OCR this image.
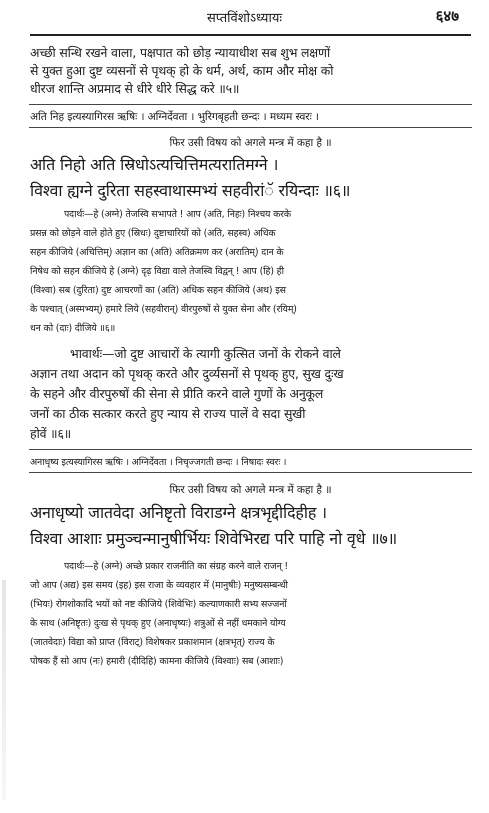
सप्तविंशोऽध्यायः	६४७
अच्छी सन्धि रखने वाला, पक्षपात को छोड़ न्यायाधीश सब शुभ लक्षणों
से युक्त हुआ दुष्ट व्यसनों से पृथक् हो के धर्म, अर्थ, काम और मोक्ष को
धीरज शान्ति अप्रमाद से धीरे धीरे सिद्ध करे ॥५॥
अति निह इत्यस्यागिरस ऋषिः । अग्निर्देवता । भुरिगबृहती छन्दः । मध्यम स्वरः ।
फिर उसी विषय को अगले मन्त्र में कहा है ॥
अति निहो अति स्रिधोऽत्यचित्तिमत्यरातिमग्ने ।
विश्वा ह्यग्ने दुरिता सहस्वाथास्मभ्यं सहवीरांॅ रयिन्दाः ॥६॥
पदार्थः—हे (अग्ने) तेजस्वि सभापते ! आप (अति, निहः) निश्चय करके
प्रसन्न को छोड़ने वाले होते हुए (स्रिधः) दुष्टाचारियों को (अति, सहस्व) अधिक
सहन कीजिये (अचित्तिम्) अज्ञान का (अति) अतिक्रमण कर (अरातिम्) दान के
निषेध को सहन कीजिये हे (अग्ने) दृढ़ विद्या वाले तेजस्वि विद्वन् ! आप (हि) ही
(विश्वा) सब (दुरिता) दुष्ट आचरणों का (अति) अधिक सहन कीजिये (अथ) इस
के पश्चात् (अस्मभ्यम्) हमारे लिये (सहवीरान्) वीरपुरुषों से युक्त सेना और (रयिम्)
धन को (दाः) दीजिये ॥६॥
भावार्थः—जो दुष्ट आचारों के त्यागी कुत्सित जनों के रोकने वाले
अज्ञान तथा अदान को पृथक् करते और दुर्व्यसनों से पृथक् हुए, सुख दुःख
के सहने और वीरपुरुषों की सेना से प्रीति करने वाले गुणों के अनुकूल
जनों का ठीक सत्कार करते हुए न्याय से राज्य पालें वे सदा सुखी
होवें ॥६॥
अनाधृष्य इत्यस्यागिरस ऋषिः । अग्निर्देवता । निचृज्जगती छन्दः । निषादः स्वरः ।
फिर उसी विषय को अगले मन्त्र में कहा है ॥
अनाधृष्यो जातवेदा अनिष्टृतो विराडग्ने क्षत्रभृद्दीदिहीह ।
विश्वा आशाः प्रमुञ्चन्मानुषीर्भियः शिवेभिरद्य परि पाहि नो वृधे ॥७॥
पदार्थः—हे (अग्ने) अच्छे प्रकार राजनीति का संग्रह करने वाले राजन् !
जो आप (अद्य) इस समय (इह) इस राजा के व्यवहार में (मानुषीः) मनुष्यसम्बन्धी
(भियः) रोगशोकादि भयों को नष्ट कीजिये (शिवेभिः) कल्याणकारी सभ्य सज्जनों
के साथ (अनिष्टृतः) दुःख से पृथक् हुए (अनाधृष्यः) शत्रुओं से नहीं धमकाने योग्य
(जातवेदाः) विद्या को प्राप्त (विराट्) विशेषकर प्रकाशमान (क्षत्रभृत्) राज्य के
पोषक हैं सो आप (नः) हमारी (दीदिहि) कामना कीजिये (विश्वाः) सब (आशाः)
